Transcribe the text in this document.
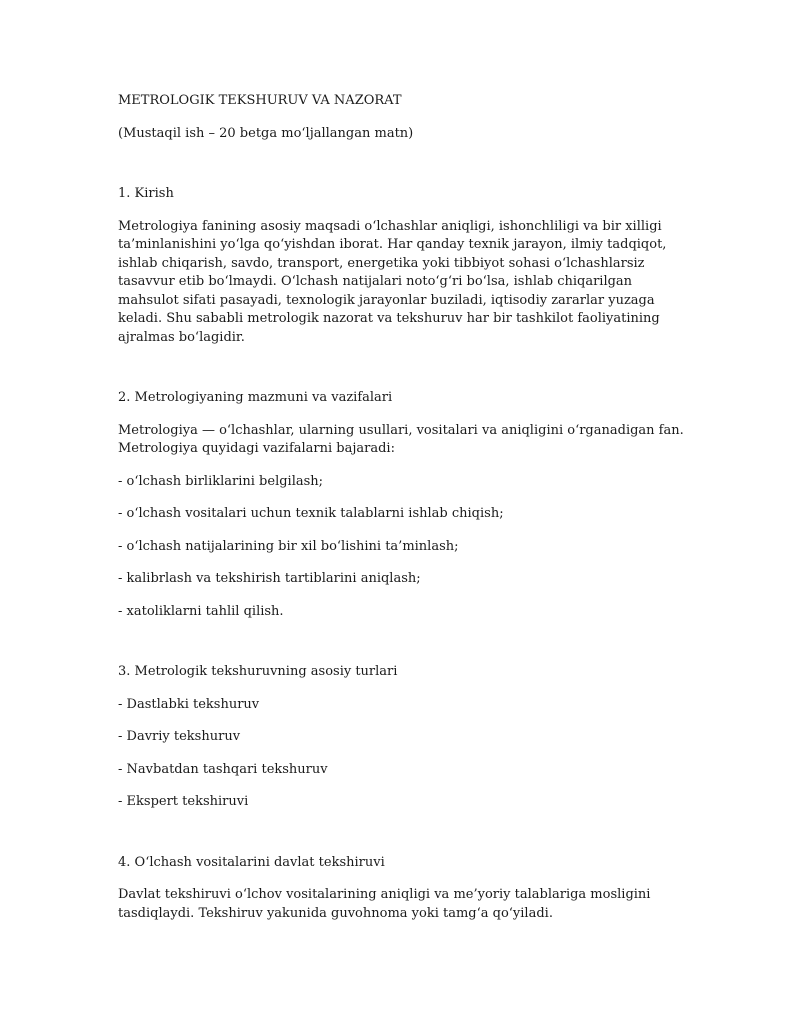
METROLOGIK TEKSHURUV VA NAZORAT

(Mustaqil ish – 20 betga mo‘ljallangan matn)

1. Kirish

Metrologiya fanining asosiy maqsadi o‘lchashlar aniqligi, ishonchliligi va bir xilligi ta’minlanishini yo‘lga qo‘yishdan iborat. Har qanday texnik jarayon, ilmiy tadqiqot, ishlab chiqarish, savdo, transport, energetika yoki tibbiyot sohasi o‘lchashlarsiz tasavvur etib bo‘lmaydi. O‘lchash natijalari noto‘g‘ri bo‘lsa, ishlab chiqarilgan mahsulot sifati pasayadi, texnologik jarayonlar buziladi, iqtisodiy zararlar yuzaga keladi. Shu sababli metrologik nazorat va tekshuruv har bir tashkilot faoliyatining ajralmas bo‘lagidir.

2. Metrologiyaning mazmuni va vazifalari

Metrologiya — o‘lchashlar, ularning usullari, vositalari va aniqligini o‘rganadigan fan. Metrologiya quyidagi vazifalarni bajaradi:

- o‘lchash birliklarini belgilash;

- o‘lchash vositalari uchun texnik talablarni ishlab chiqish;

- o‘lchash natijalarining bir xil bo‘lishini ta’minlash;

- kalibrlash va tekshirish tartiblarini aniqlash;

- xatoliklarni tahlil qilish.

3. Metrologik tekshuruvning asosiy turlari

- Dastlabki tekshuruv

- Davriy tekshuruv

- Navbatdan tashqari tekshuruv

- Ekspert tekshiruvi

4. O‘lchash vositalarini davlat tekshiruvi

Davlat tekshiruvi o‘lchov vositalarining aniqligi va me’yoriy talablariga mosligini tasdiqlaydi. Tekshiruv yakunida guvohnoma yoki tamg‘a qo‘yiladi.
